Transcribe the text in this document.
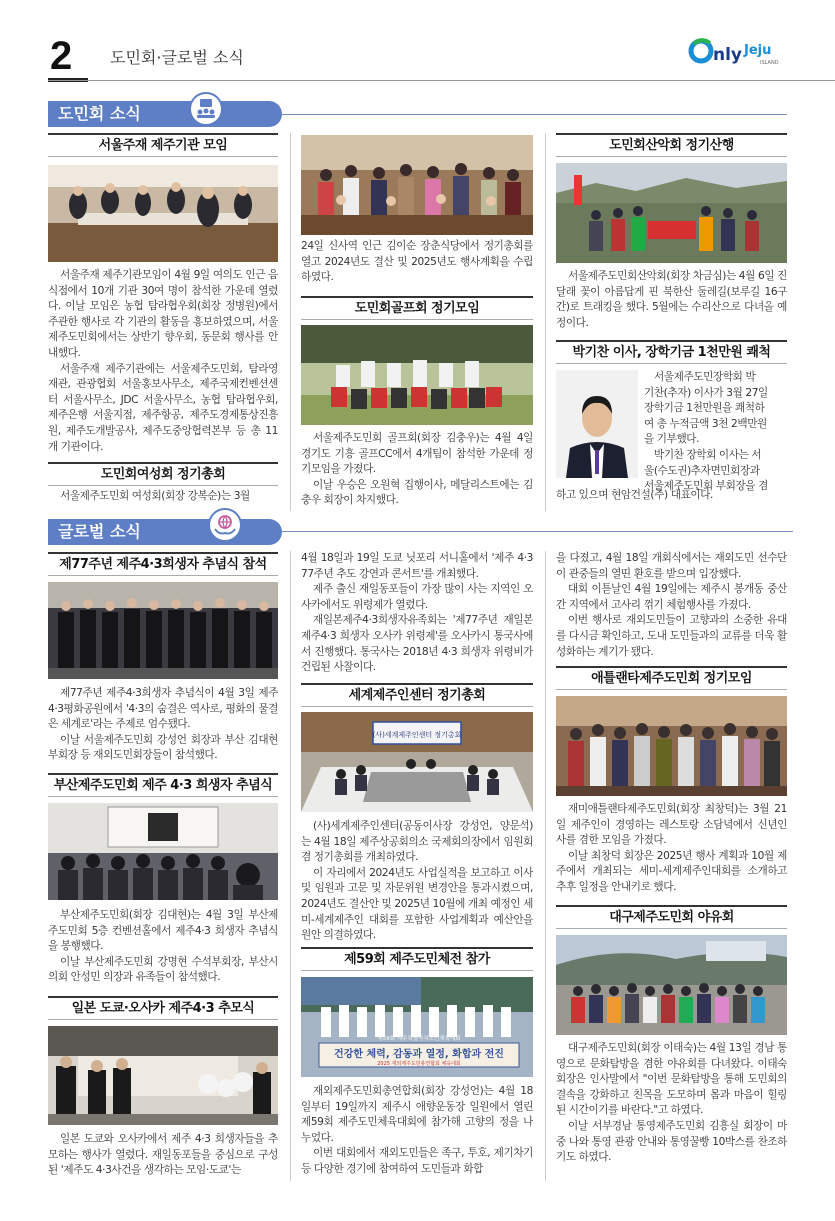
2 도민회·글로벌 소식	nly Jeju
ISLAND
도민회 소식
서울주재 제주기관 모임

서울주재 제주기관모임이 4월 9일 여의도 인근 음식점에서 10개 기관 30여 명이 참석한 가운데 열렸다. 이날 모임은 농협 탐라협우회(회장 정병원)에서 주관한 행사로 각 기관의 활동을 홍보하였으며, 서울제주도민회에서는 상반기 향우회, 동문회 행사를 안내했다.

서울주재 제주기관에는 서울제주도민회, 탐라영재관, 관광협회 서울홍보사무소, 제주국제컨벤션센터 서울사무소, JDC 서울사무소, 농협 탐라협우회, 제주은행 서울지점, 제주항공, 제주도경제통상진흥원, 제주도개발공사, 제주도중앙협력본부 등 총 11개 기관이다.

도민회여성회 정기총회

서울제주도민회 여성회(회장 강복순)는 3월

24일 신사역 인근 김이순 장춘식당에서 정기총회를 열고 2024년도 결산 및 2025년도 행사계획을 수립하였다.

도민회골프회 정기모임

서울제주도민회 골프회(회장 김충우)는 4월 4일 경기도 기흥 골프CC에서 4개팀이 참석한 가운데 정기모임을 가졌다.

이날 우승은 오원혁 집행이사, 메달리스트에는 김충우 회장이 차지했다.

도민회산악회 정기산행

서울제주도민회산악회(회장 차금심)는 4월 6일 진달래 꽃이 아름답게 핀 북한산 둘레길(보루길 16구간)로 트래킹을 했다. 5월에는 수리산으로 다녀올 예정이다.

박기찬 이사, 장학기금 1천만원 쾌척
서울제주도민장학회 박
기찬(추자) 이사가 3월 27일
장학기금 1천만원을 쾌척하
여 총 누적금액 3천 2백만원
을 기부했다.
박기찬 장학회 이사는 서
울(수도권)추자면민회장과
서울제주도민회 부회장을 겸
하고 있으며 현암건설(주) 대표이다.
글로벌 소식
제77주년 제주4·3희생자 추념식 참석

제77주년 제주4·3희생자 추념식이 4월 3일 제주4·3평화공원에서 '4·3의 숨결은 역사로, 평화의 물결은 세계로'라는 주제로 엄수됐다.

이날 서울제주도민회 강성언 회장과 부산 김대현 부회장 등 재외도민회장들이 참석했다.

부산제주도민회 제주 4·3 희생자 추념식

부산제주도민회(회장 김대현)는 4월 3일 부산제주도민회 5층 컨벤션홀에서 제주4·3 희생자 추념식을 봉행했다.

이날 부산제주도민회 강명현 수석부회장, 부산시의회 안성민 의장과 유족들이 참석했다.

일본 도쿄·오사카 제주4·3 추모식

일본 도쿄와 오사카에서 제주 4·3 희생자들을 추모하는 행사가 열렸다. 재일동포들을 중심으로 구성된 '제주도 4·3사건을 생각하는 모임·도쿄'는

4월 18일과 19일 도쿄 닛포리 서니홀에서 '제주 4·3 77주년 추도 강연과 콘서트'를 개최했다.

제주 출신 재일동포들이 가장 많이 사는 지역인 오사카에서도 위령제가 열렸다.

재일본제주4·3희생자유족회는 '제77주년 재일본 제주4·3 희생자 오사카 위령제'를 오사카시 통국사에서 진행했다. 통국사는 2018년 4·3 희생자 위령비가 건립된 사찰이다.

세계제주인센터 정기총회
(사)세계제주인센터 정기총회

(사)세계제주인센터(공동이사장 강성언, 양문석)는 4월 18일 제주상공회의소 국제회의장에서 임원회 겸 정기총회를 개최하였다.

이 자리에서 2024년도 사업실적을 보고하고 이사 및 임원과 고문 및 자문위원 변경안을 통과시켰으며, 2024년도 결산안 및 2025년 10월에 개최 예정인 세미-세계제주인 대회를 포함한 사업계획과 예산안을 원안 의결하였다.

제59회 제주도민체전 참가
제59회 제주특별자치도민체육대회
건강한 체력, 감동과 열정, 화합과 전진
2025 재외제주도민총연합회 체육대회

재외제주도민회총연합회(회장 강성언)는 4월 18일부터 19일까지 제주시 애향운동장 일원에서 열린 제59회 제주도민체육대회에 참가해 고향의 정을 나누었다.

이번 대회에서 재외도민들은 족구, 투호, 제기차기 등 다양한 경기에 참여하여 도민들과 화합

을 다졌고, 4월 18일 개회식에서는 재외도민 선수단이 관중들의 열띤 환호를 받으며 입장했다.

대회 이튿날인 4월 19일에는 제주시 봉개동 중산간 지역에서 고사리 꺾기 체험행사를 가졌다.

이번 행사로 재외도민들이 고향과의 소중한 유대를 다시금 확인하고, 도내 도민들과의 교류를 더욱 활성화하는 계기가 됐다.

애틀랜타제주도민회 정기모임

재미애틀랜타제주도민회(회장 최창덕)는 3월 21일 제주인이 경영하는 레스토랑 소담녘에서 신년인사를 겸한 모임을 가졌다.

이날 최창덕 회장은 2025년 행사 계획과 10월 제주에서 개최되는 세미-세계제주인대회를 소개하고 추후 일정을 안내키로 했다.

대구제주도민회 야유회

대구제주도민회(회장 이태숙)는 4월 13일 경남 통영으로 문화탐방을 겸한 야유회를 다녀왔다. 이태숙 회장은 인사말에서 "이번 문화탐방을 통해 도민회의 결속을 강화하고 친목을 도모하며 몸과 마음이 힐링된 시간이기를 바란다."고 하였다.

이날 서부경남 통영제주도민회 김흥실 회장이 마중 나와 통영 관광 안내와 통영꿀빵 10박스를 찬조하기도 하였다.
